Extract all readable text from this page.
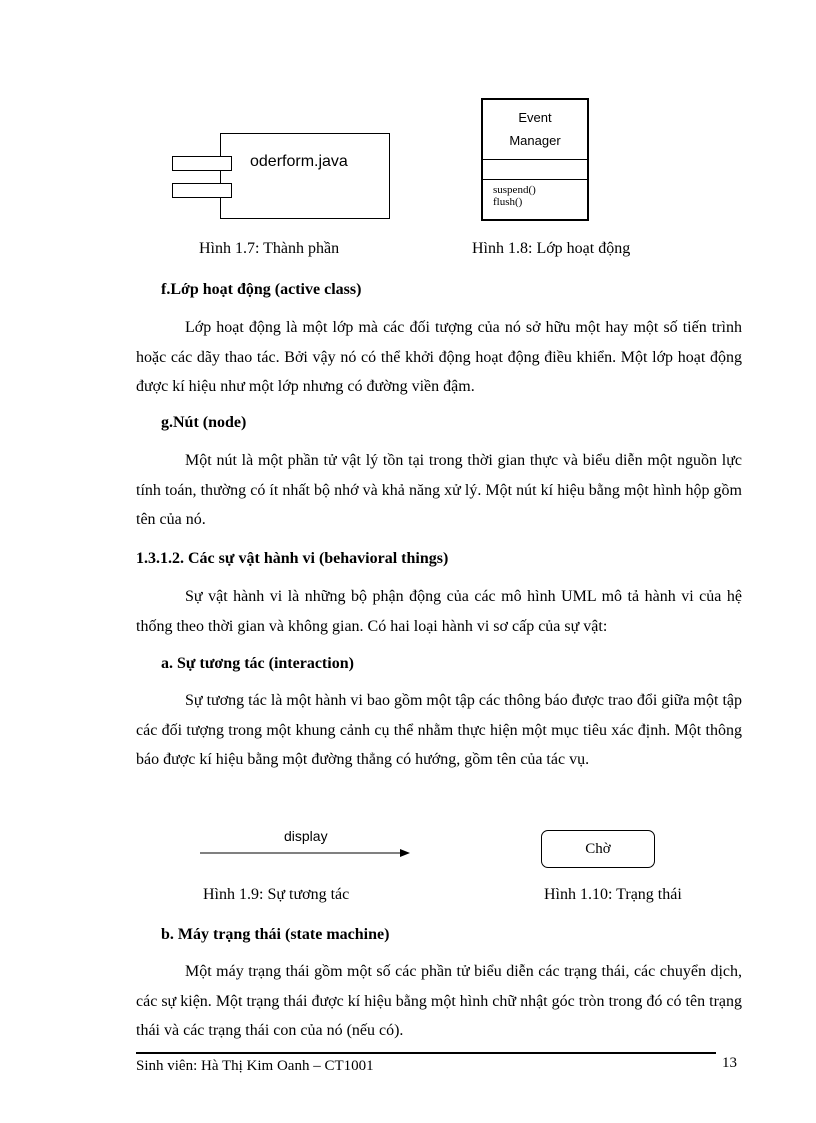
oderform.java
Event
Manager
suspend()
flush()
Hình 1.7: Thành phần	Hình 1.8: Lớp hoạt động
f.Lớp hoạt động (active class)

Lớp hoạt động là một lớp mà các đối tượng của nó sở hữu một hay một số tiến trình hoặc các dãy thao tác. Bởi vậy nó có thể khởi động hoạt động điều khiển. Một lớp hoạt động được kí hiệu như một lớp nhưng có đường viền đậm.

g.Nút (node)

Một nút là một phần tử vật lý tồn tại trong thời gian thực và biểu diễn một nguồn lực tính toán, thường có ít nhất bộ nhớ và khả năng xử lý. Một nút kí hiệu bằng một hình hộp gồm tên của nó.

1.3.1.2. Các sự vật hành vi (behavioral things)

Sự vật hành vi là những bộ phận động của các mô hình UML mô tả hành vi của hệ thống theo thời gian và không gian. Có hai loại hành vi sơ cấp của sự vật:

a. Sự tương tác (interaction)

Sự tương tác là một hành vi bao gồm một tập các thông báo được trao đổi giữa một tập các đối tượng trong một khung cảnh cụ thể nhằm thực hiện một mục tiêu xác định. Một thông báo được kí hiệu bằng một đường thẳng có hướng, gồm tên của tác vụ.

display
Chờ
Hình 1.9: Sự tương tác	Hình 1.10: Trạng thái
b. Máy trạng thái (state machine)

Một máy trạng thái gồm một số các phần tử biểu diễn các trạng thái, các chuyển dịch, các sự kiện. Một trạng thái được kí hiệu bằng một hình chữ nhật góc tròn trong đó có tên trạng thái và các trạng thái con của nó (nếu có).

Sinh viên: Hà Thị Kim Oanh – CT1001	13
